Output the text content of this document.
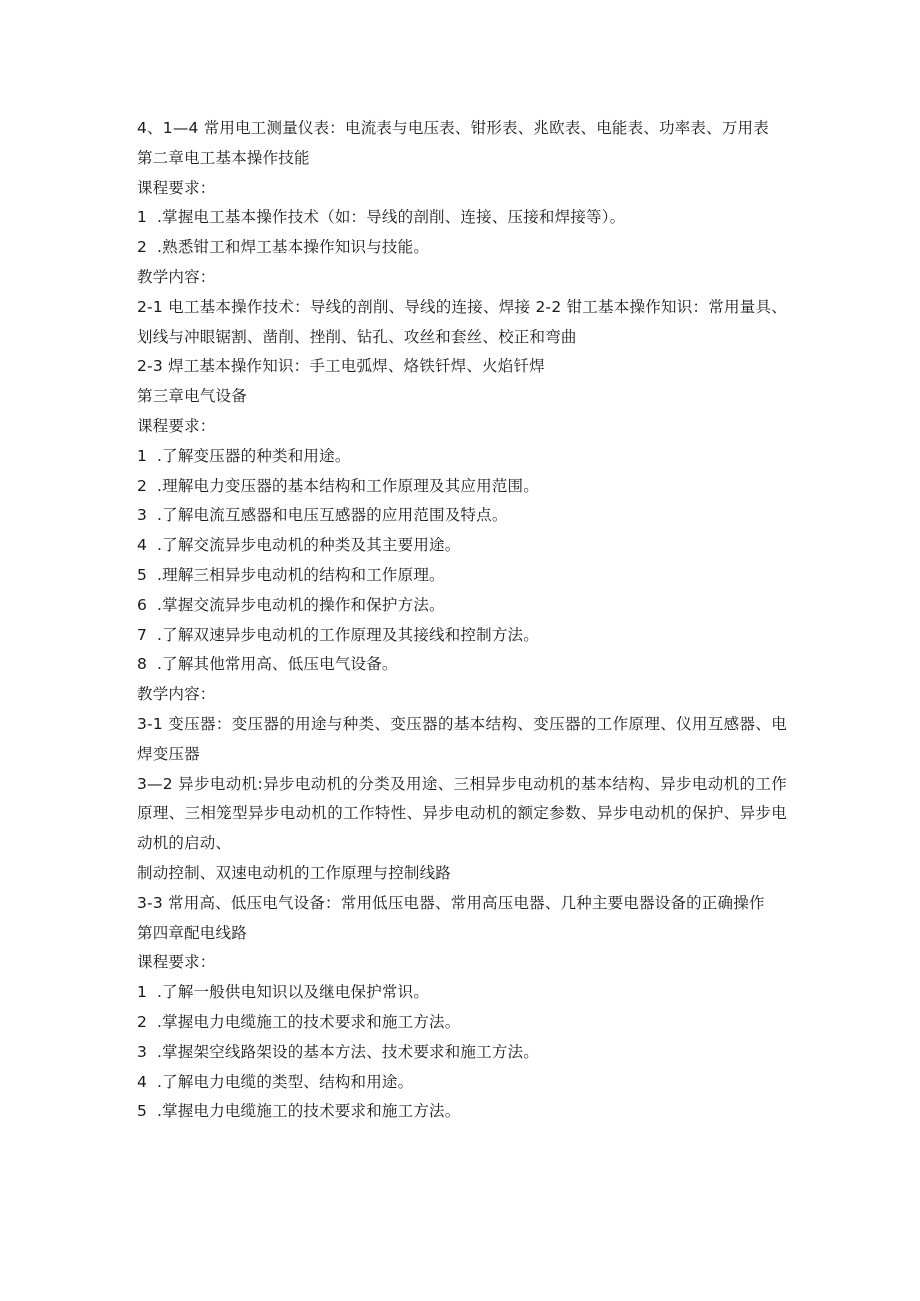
4、1—4 常用电工测量仪表：电流表与电压表、钳形表、兆欧表、电能表、功率表、万用表
第二章电工基本操作技能
课程要求：
1 .掌握电工基本操作技术（如：导线的剖削、连接、压接和焊接等）。
2 .熟悉钳工和焊工基本操作知识与技能。
教学内容：
2-1 电工基本操作技术：导线的剖削、导线的连接、焊接 2-2 钳工基本操作知识：常用量具、划线与冲眼锯割、凿削、挫削、钻孔、攻丝和套丝、校正和弯曲
2-3 焊工基本操作知识：手工电弧焊、烙铁钎焊、火焰钎焊
第三章电气设备
课程要求：
1 .了解变压器的种类和用途。
2 .理解电力变压器的基本结构和工作原理及其应用范围。
3 .了解电流互感器和电压互感器的应用范围及特点。
4 .了解交流异步电动机的种类及其主要用途。
5 .理解三相异步电动机的结构和工作原理。
6 .掌握交流异步电动机的操作和保护方法。
7 .了解双速异步电动机的工作原理及其接线和控制方法。
8 .了解其他常用高、低压电气设备。
教学内容：
3-1 变压器：变压器的用途与种类、变压器的基本结构、变压器的工作原理、仪用互感器、电焊变压器
3—2 异步电动机:异步电动机的分类及用途、三相异步电动机的基本结构、异步电动机的工作原理、三相笼型异步电动机的工作特性、异步电动机的额定参数、异步电动机的保护、异步电动机的启动、
制动控制、双速电动机的工作原理与控制线路
3-3 常用高、低压电气设备：常用低压电器、常用高压电器、几种主要电器设备的正确操作
第四章配电线路
课程要求：
1 .了解一般供电知识以及继电保护常识。
2 .掌握电力电缆施工的技术要求和施工方法。
3 .掌握架空线路架设的基本方法、技术要求和施工方法。
4 .了解电力电缆的类型、结构和用途。
5 .掌握电力电缆施工的技术要求和施工方法。
